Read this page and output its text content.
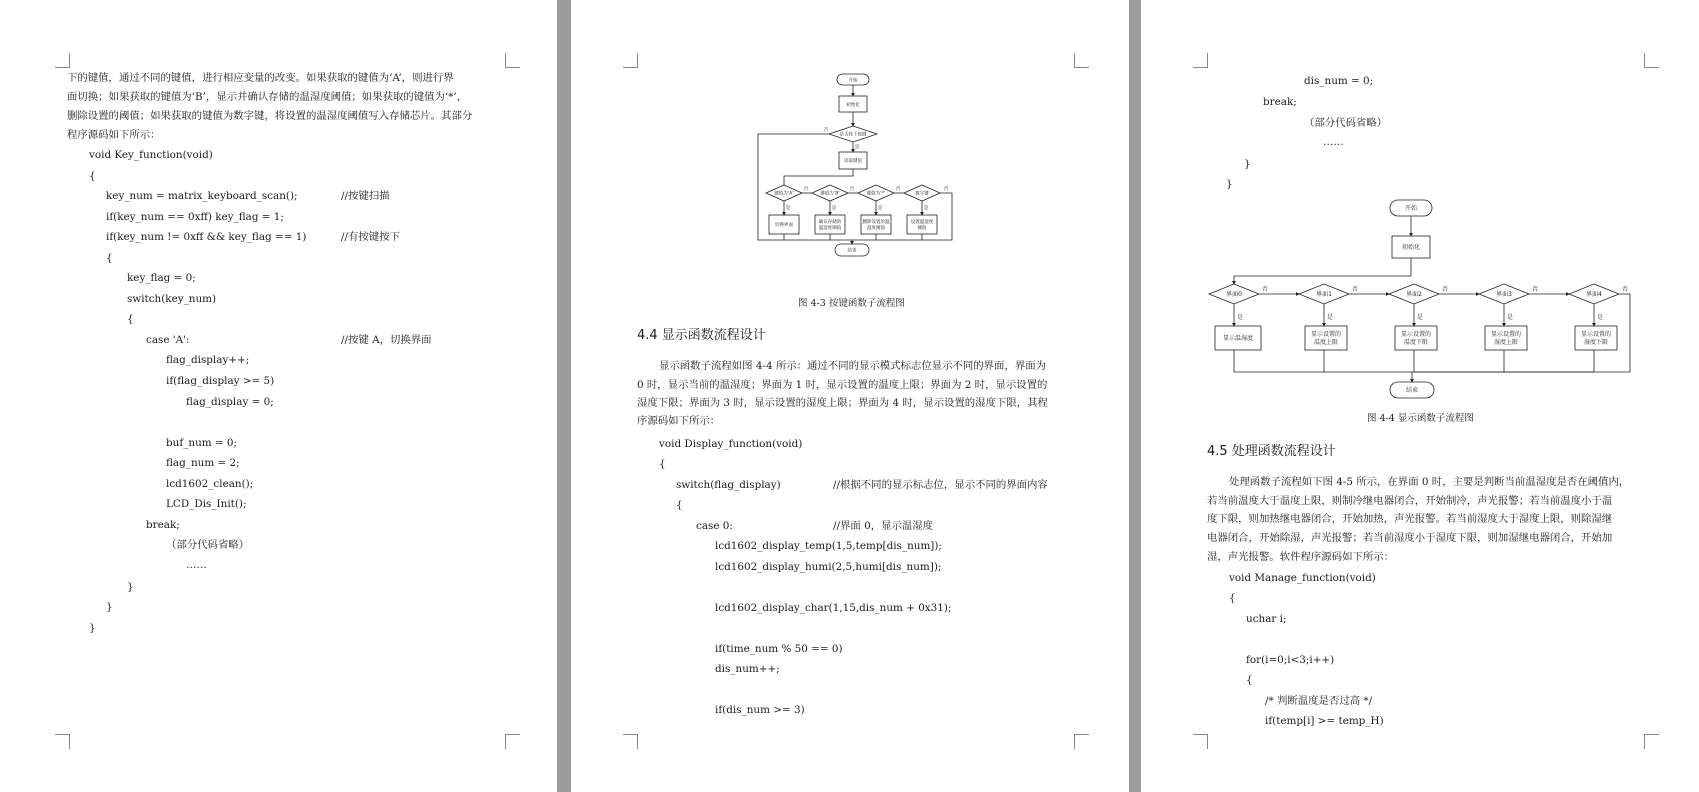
下的键值，通过不同的键值，进行相应变量的改变。如果获取的键值为‘A’，则进行界
面切换；如果获取的键值为‘B’，显示并确认存储的温湿度阈值；如果获取的键值为‘*’，
删除设置的阈值；如果获取的键值为数字键，将设置的温湿度阈值写入存储芯片。其部分
程序源码如下所示：
void Key_function(void)
{
key_num = matrix_keyboard_scan();	//按键扫描
if(key_num == 0xff) key_flag = 1;
if(key_num != 0xff && key_flag == 1)	//有按键按下
{
key_flag = 0;
switch(key_num)
{
case 'A':	//按键 A，切换界面
flag_display++;
if(flag_display >= 5)
flag_display = 0;
buf_num = 0;
flag_num = 2;
lcd1602_clean();
LCD_Dis_Init();
break;
（部分代码省略）
……
}
}
}
开始
初始化
是否按下按键
读取键值
键值为‘A’	键值为‘B’	键值为‘*’	数字键
切换界面
确认存储的
温湿度阈值
删除设置的温
湿度阈值
设置温湿度
阈值
结束
是
否
是	是	是	是
否	否	否	否
图 4-3 按键函数子流程图
4.4 显示函数流程设计
显示函数子流程如图 4-4 所示：通过不同的显示模式标志位显示不同的界面，界面为
0 时，显示当前的温湿度；界面为 1 时，显示设置的温度上限；界面为 2 时，显示设置的
湿度下限；界面为 3 时，显示设置的湿度上限；界面为 4 时，显示设置的湿度下限，其程
序源码如下所示：
void Display_function(void)
{
switch(flag_display)	//根据不同的显示标志位，显示不同的界面内容
{
case 0:	//界面 0，显示温湿度
lcd1602_display_temp(1,5,temp[dis_num]);
lcd1602_display_humi(2,5,humi[dis_num]);
lcd1602_display_char(1,15,dis_num + 0x31);
if(time_num % 50 == 0)
dis_num++;
if(dis_num >= 3)
dis_num = 0;
break;
（部分代码省略）
……
}
}
开始
初始化
界面0	界面1	界面2	界面3	界面4
显示温湿度
显示设置的
温度上限
显示设置的
温度下限
显示设置的
湿度上限
显示设置的
湿度下限
结束
是	是	是	是	是
否	否	否	否	否
图 4-4 显示函数子流程图
4.5 处理函数流程设计
处理函数子流程如下图 4-5 所示，在界面 0 时，主要是判断当前温湿度是否在阈值内，
若当前温度大于温度上限，则制冷继电器闭合，开始制冷，声光报警；若当前温度小于温
度下限，则加热继电器闭合，开始加热，声光报警。若当前湿度大于湿度上限，则除湿继
电器闭合，开始除湿，声光报警；若当前湿度小于湿度下限，则加湿继电器闭合，开始加
湿，声光报警。软件程序源码如下所示：
void Manage_function(void)
{
uchar i;
for(i=0;i<3;i++)
{
/* 判断温度是否过高 */
if(temp[i] >= temp_H)
